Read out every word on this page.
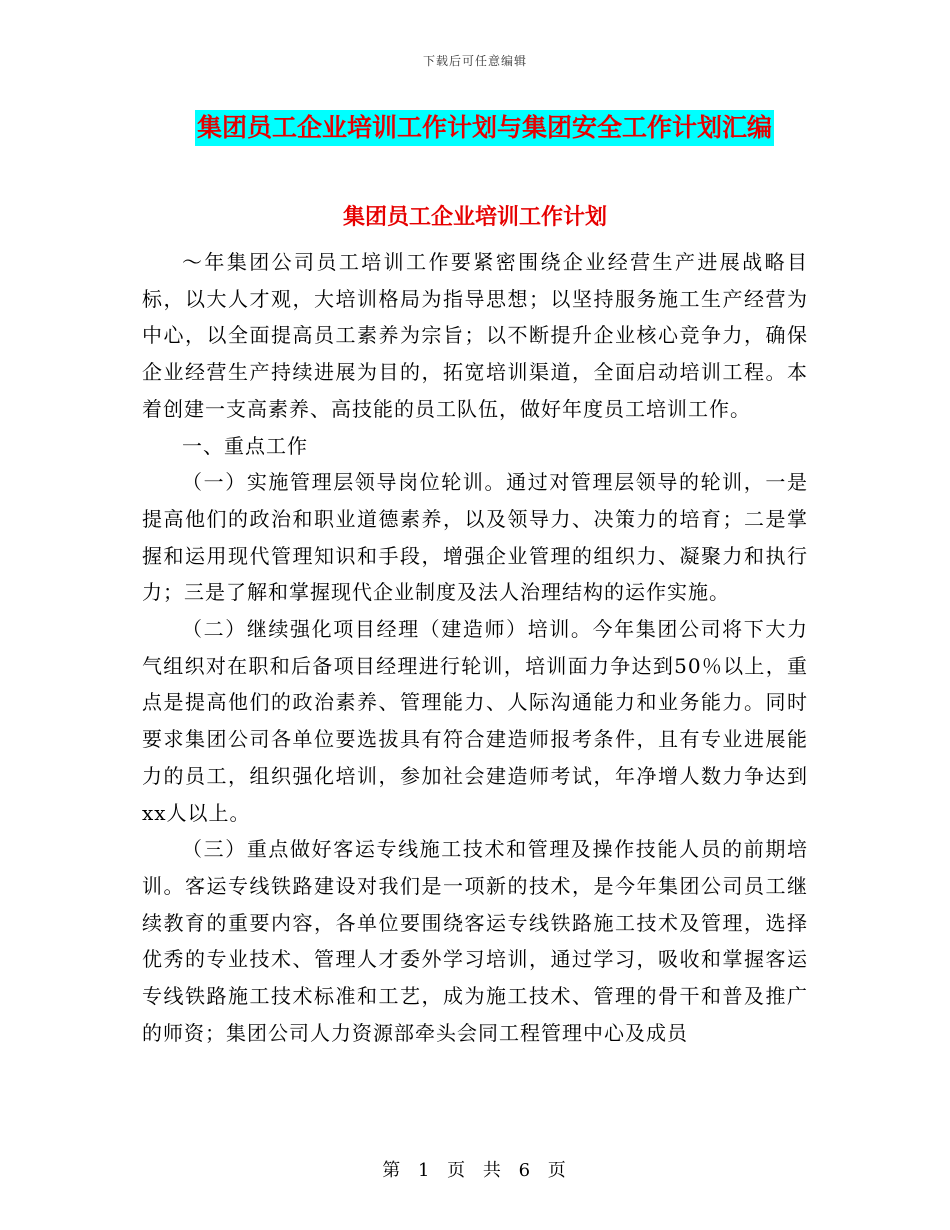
下载后可任意编辑
集团员工企业培训工作计划与集团安全工作计划汇编
集团员工企业培训工作计划

～年集团公司员工培训工作要紧密围绕企业经营生产进展战略目标，以大人才观，大培训格局为指导思想；以坚持服务施工生产经营为中心，以全面提高员工素养为宗旨；以不断提升企业核心竞争力，确保企业经营生产持续进展为目的，拓宽培训渠道，全面启动培训工程。本着创建一支高素养、高技能的员工队伍，做好年度员工培训工作。

一、重点工作

（一）实施管理层领导岗位轮训。通过对管理层领导的轮训，一是提高他们的政治和职业道德素养，以及领导力、决策力的培育；二是掌握和运用现代管理知识和手段，增强企业管理的组织力、凝聚力和执行力；三是了解和掌握现代企业制度及法人治理结构的运作实施。

（二）继续强化项目经理（建造师）培训。今年集团公司将下大力气组织对在职和后备项目经理进行轮训，培训面力争达到50％以上，重点是提高他们的政治素养、管理能力、人际沟通能力和业务能力。同时要求集团公司各单位要选拔具有符合建造师报考条件，且有专业进展能力的员工，组织强化培训，参加社会建造师考试，年净增人数力争达到xx人以上。

（三）重点做好客运专线施工技术和管理及操作技能人员的前期培训。客运专线铁路建设对我们是一项新的技术，是今年集团公司员工继续教育的重要内容，各单位要围绕客运专线铁路施工技术及管理，选择优秀的专业技术、管理人才委外学习培训，通过学习，吸收和掌握客运专线铁路施工技术标准和工艺，成为施工技术、管理的骨干和普及推广的师资；集团公司人力资源部牵头会同工程管理中心及成员

第 1 页 共 6 页
